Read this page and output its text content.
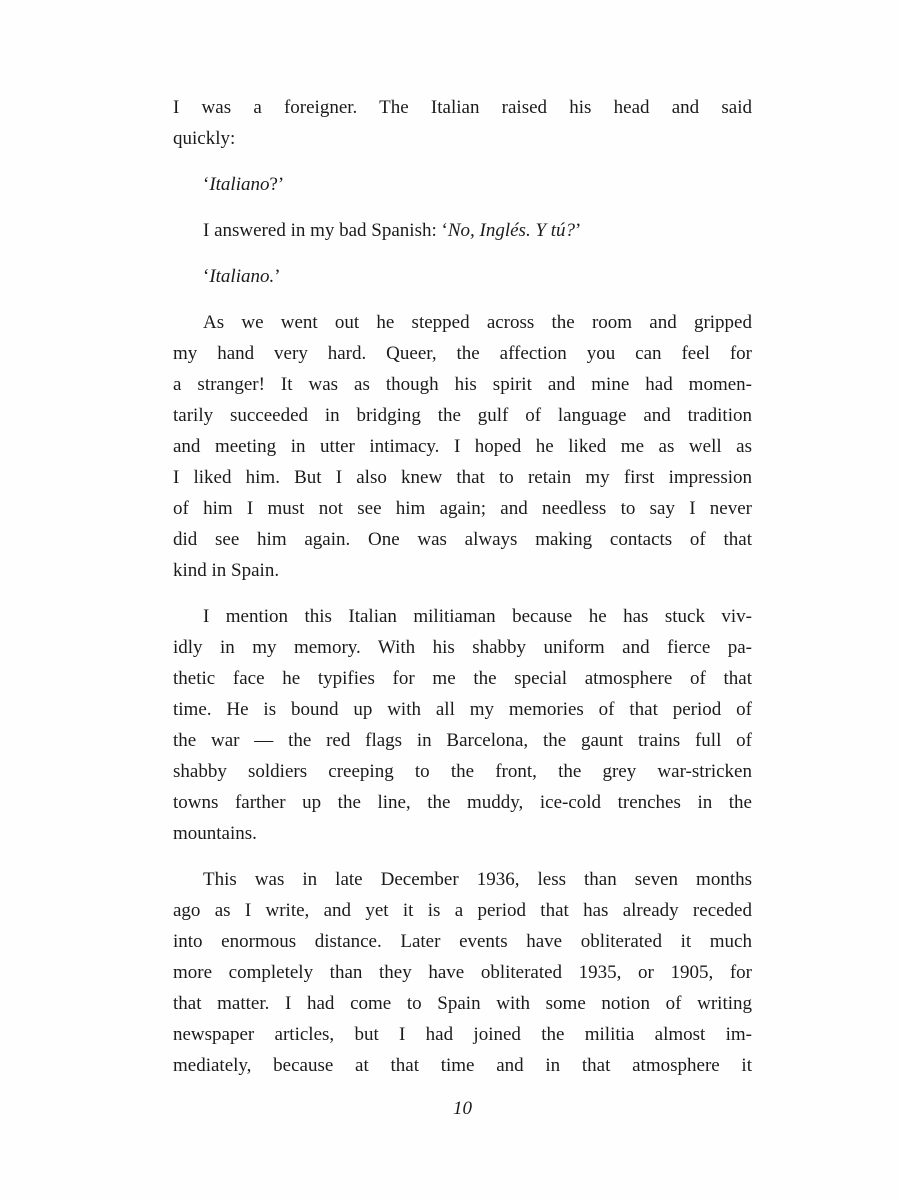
I was a foreigner. The Italian raised his head and said
quickly:
‘Italiano?’
I answered in my bad Spanish: ‘No, Inglés. Y tú?’
‘Italiano.’
As we went out he stepped across the room and gripped
my hand very hard. Queer, the affection you can feel for
a stranger! It was as though his spirit and mine had momen-
tarily succeeded in bridging the gulf of language and tradition
and meeting in utter intimacy. I hoped he liked me as well as
I liked him. But I also knew that to retain my first impression
of him I must not see him again; and needless to say I never
did see him again. One was always making contacts of that
kind in Spain.
I mention this Italian militiaman because he has stuck viv-
idly in my memory. With his shabby uniform and fierce pa-
thetic face he typifies for me the special atmosphere of that
time. He is bound up with all my memories of that period of
the war — the red flags in Barcelona, the gaunt trains full of
shabby soldiers creeping to the front, the grey war-stricken
towns farther up the line, the muddy, ice-cold trenches in the
mountains.
This was in late December 1936, less than seven months
ago as I write, and yet it is a period that has already receded
into enormous distance. Later events have obliterated it much
more completely than they have obliterated 1935, or 1905, for
that matter. I had come to Spain with some notion of writing
newspaper articles, but I had joined the militia almost im-
mediately, because at that time and in that atmosphere it
10
